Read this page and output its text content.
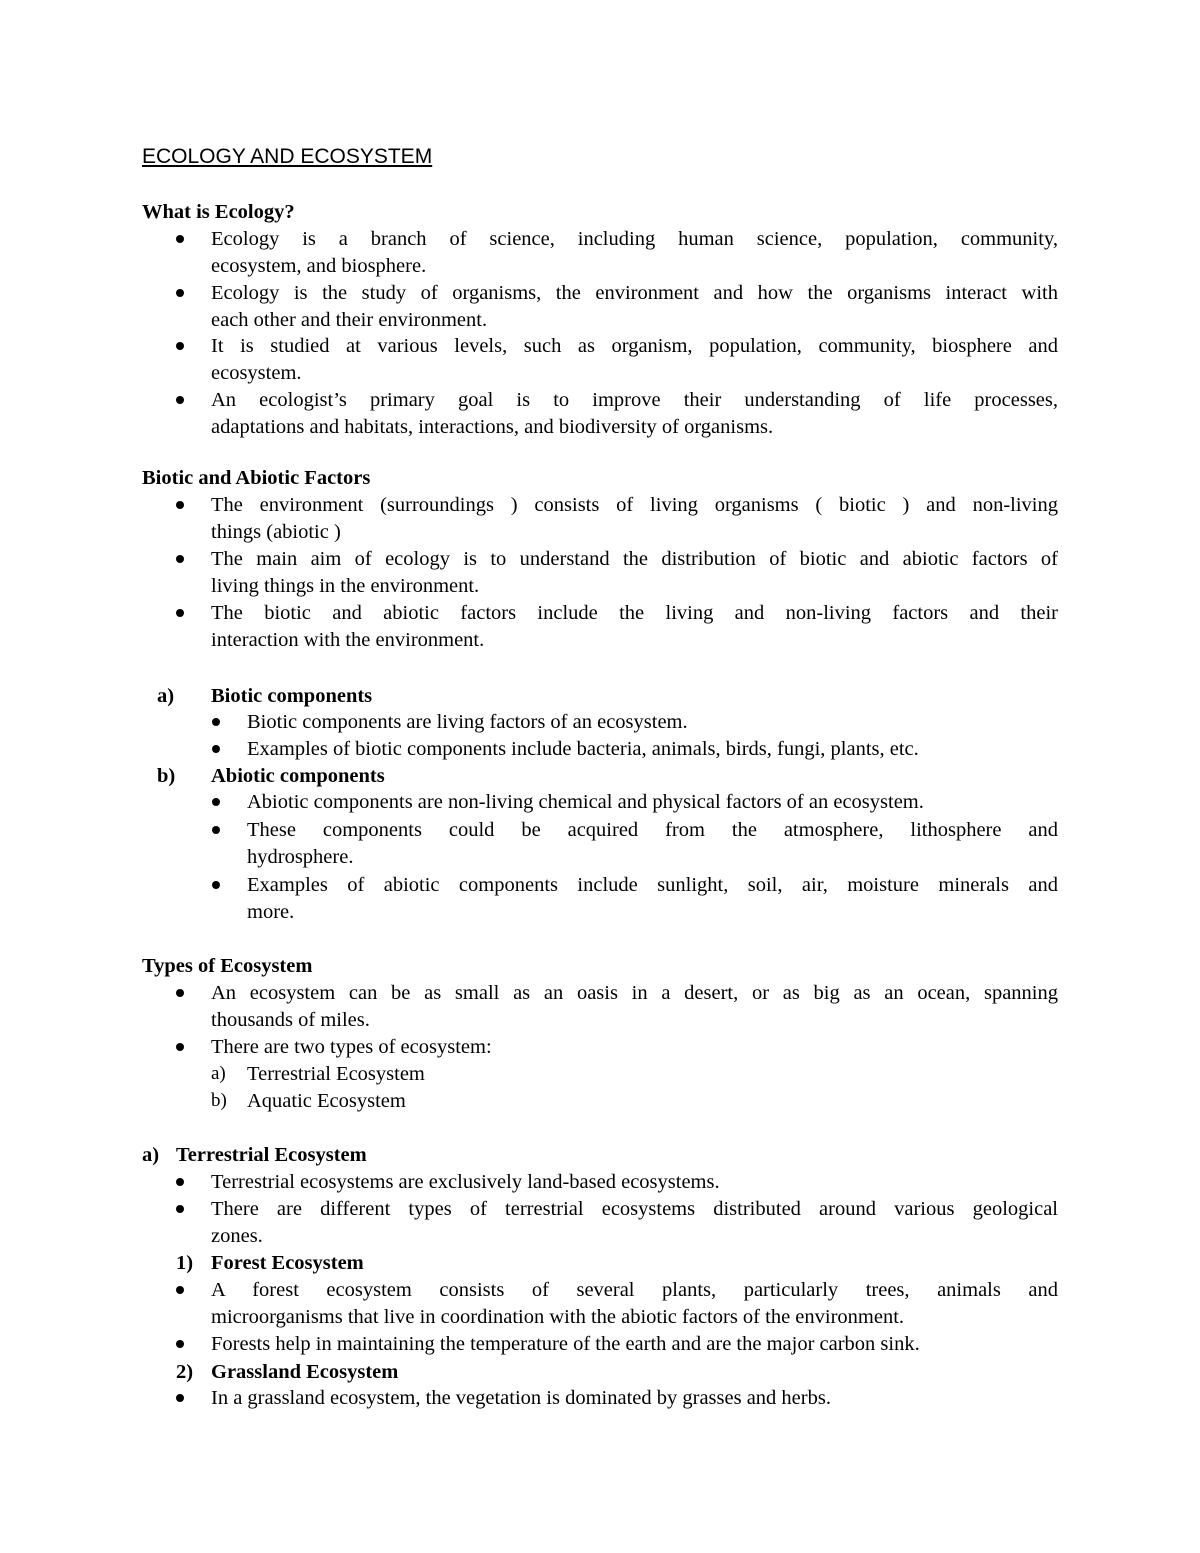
ECOLOGY AND ECOSYSTEM
What is Ecology?
Ecology is a branch of science, including human science, population, community,
ecosystem, and biosphere.
Ecology is the study of organisms, the environment and how the organisms interact with
each other and their environment.
It is studied at various levels, such as organism, population, community, biosphere and
ecosystem.
An ecologist’s primary goal is to improve their understanding of life processes,
adaptations and habitats, interactions, and biodiversity of organisms.
Biotic and Abiotic Factors
The environment (surroundings ) consists of living organisms ( biotic ) and non-living
things (abiotic )
The main aim of ecology is to understand the distribution of biotic and abiotic factors of
living things in the environment.
The biotic and abiotic factors include the living and non-living factors and their
interaction with the environment.
a) Biotic components
Biotic components are living factors of an ecosystem.
Examples of biotic components include bacteria, animals, birds, fungi, plants, etc.
b) Abiotic components
Abiotic components are non-living chemical and physical factors of an ecosystem.
These components could be acquired from the atmosphere, lithosphere and
hydrosphere.
Examples of abiotic components include sunlight, soil, air, moisture minerals and
more.
Types of Ecosystem
An ecosystem can be as small as an oasis in a desert, or as big as an ocean, spanning
thousands of miles.
There are two types of ecosystem:
a) Terrestrial Ecosystem
b) Aquatic Ecosystem
a) Terrestrial Ecosystem
Terrestrial ecosystems are exclusively land-based ecosystems.
There are different types of terrestrial ecosystems distributed around various geological
zones.
1) Forest Ecosystem
A forest ecosystem consists of several plants, particularly trees, animals and
microorganisms that live in coordination with the abiotic factors of the environment.
Forests help in maintaining the temperature of the earth and are the major carbon sink.
2) Grassland Ecosystem
In a grassland ecosystem, the vegetation is dominated by grasses and herbs.
